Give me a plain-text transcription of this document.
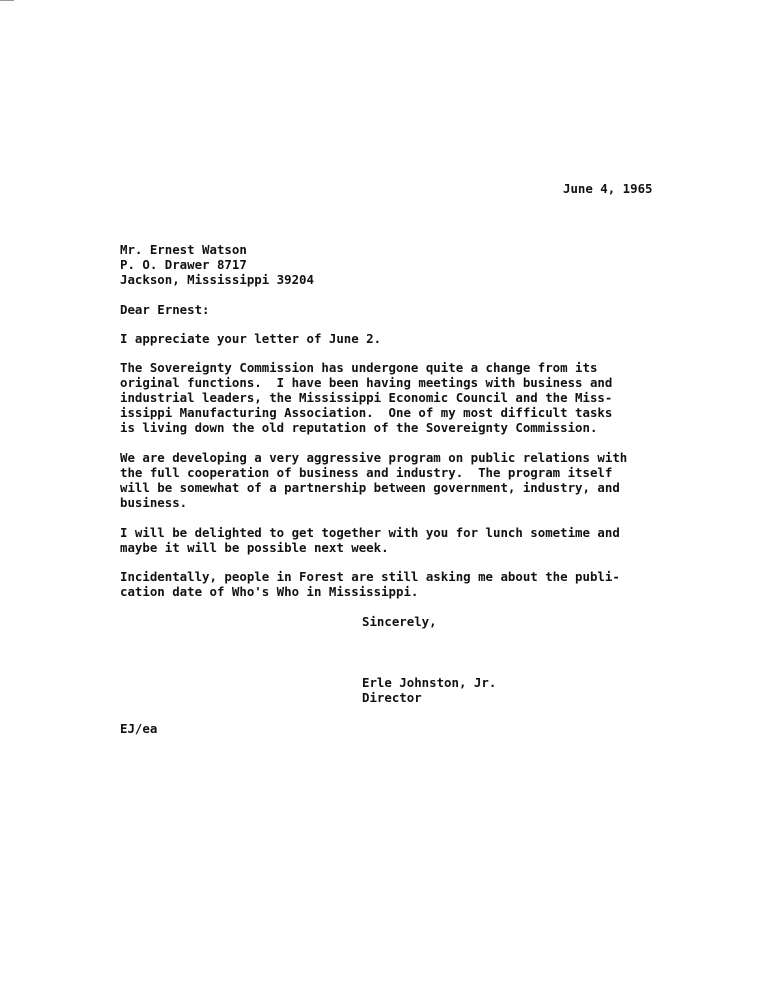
June 4, 1965
Mr. Ernest Watson
P. O. Drawer 8717
Jackson, Mississippi 39204
Dear Ernest:
I appreciate your letter of June 2.
The Sovereignty Commission has undergone quite a change from its
original functions.  I have been having meetings with business and
industrial leaders, the Mississippi Economic Council and the Miss-
issippi Manufacturing Association.  One of my most difficult tasks
is living down the old reputation of the Sovereignty Commission.
We are developing a very aggressive program on public relations with
the full cooperation of business and industry.  The program itself
will be somewhat of a partnership between government, industry, and
business.
I will be delighted to get together with you for lunch sometime and
maybe it will be possible next week.
Incidentally, people in Forest are still asking me about the publi-
cation date of Who's Who in Mississippi.
Sincerely,
Erle Johnston, Jr.
Director
EJ/ea
